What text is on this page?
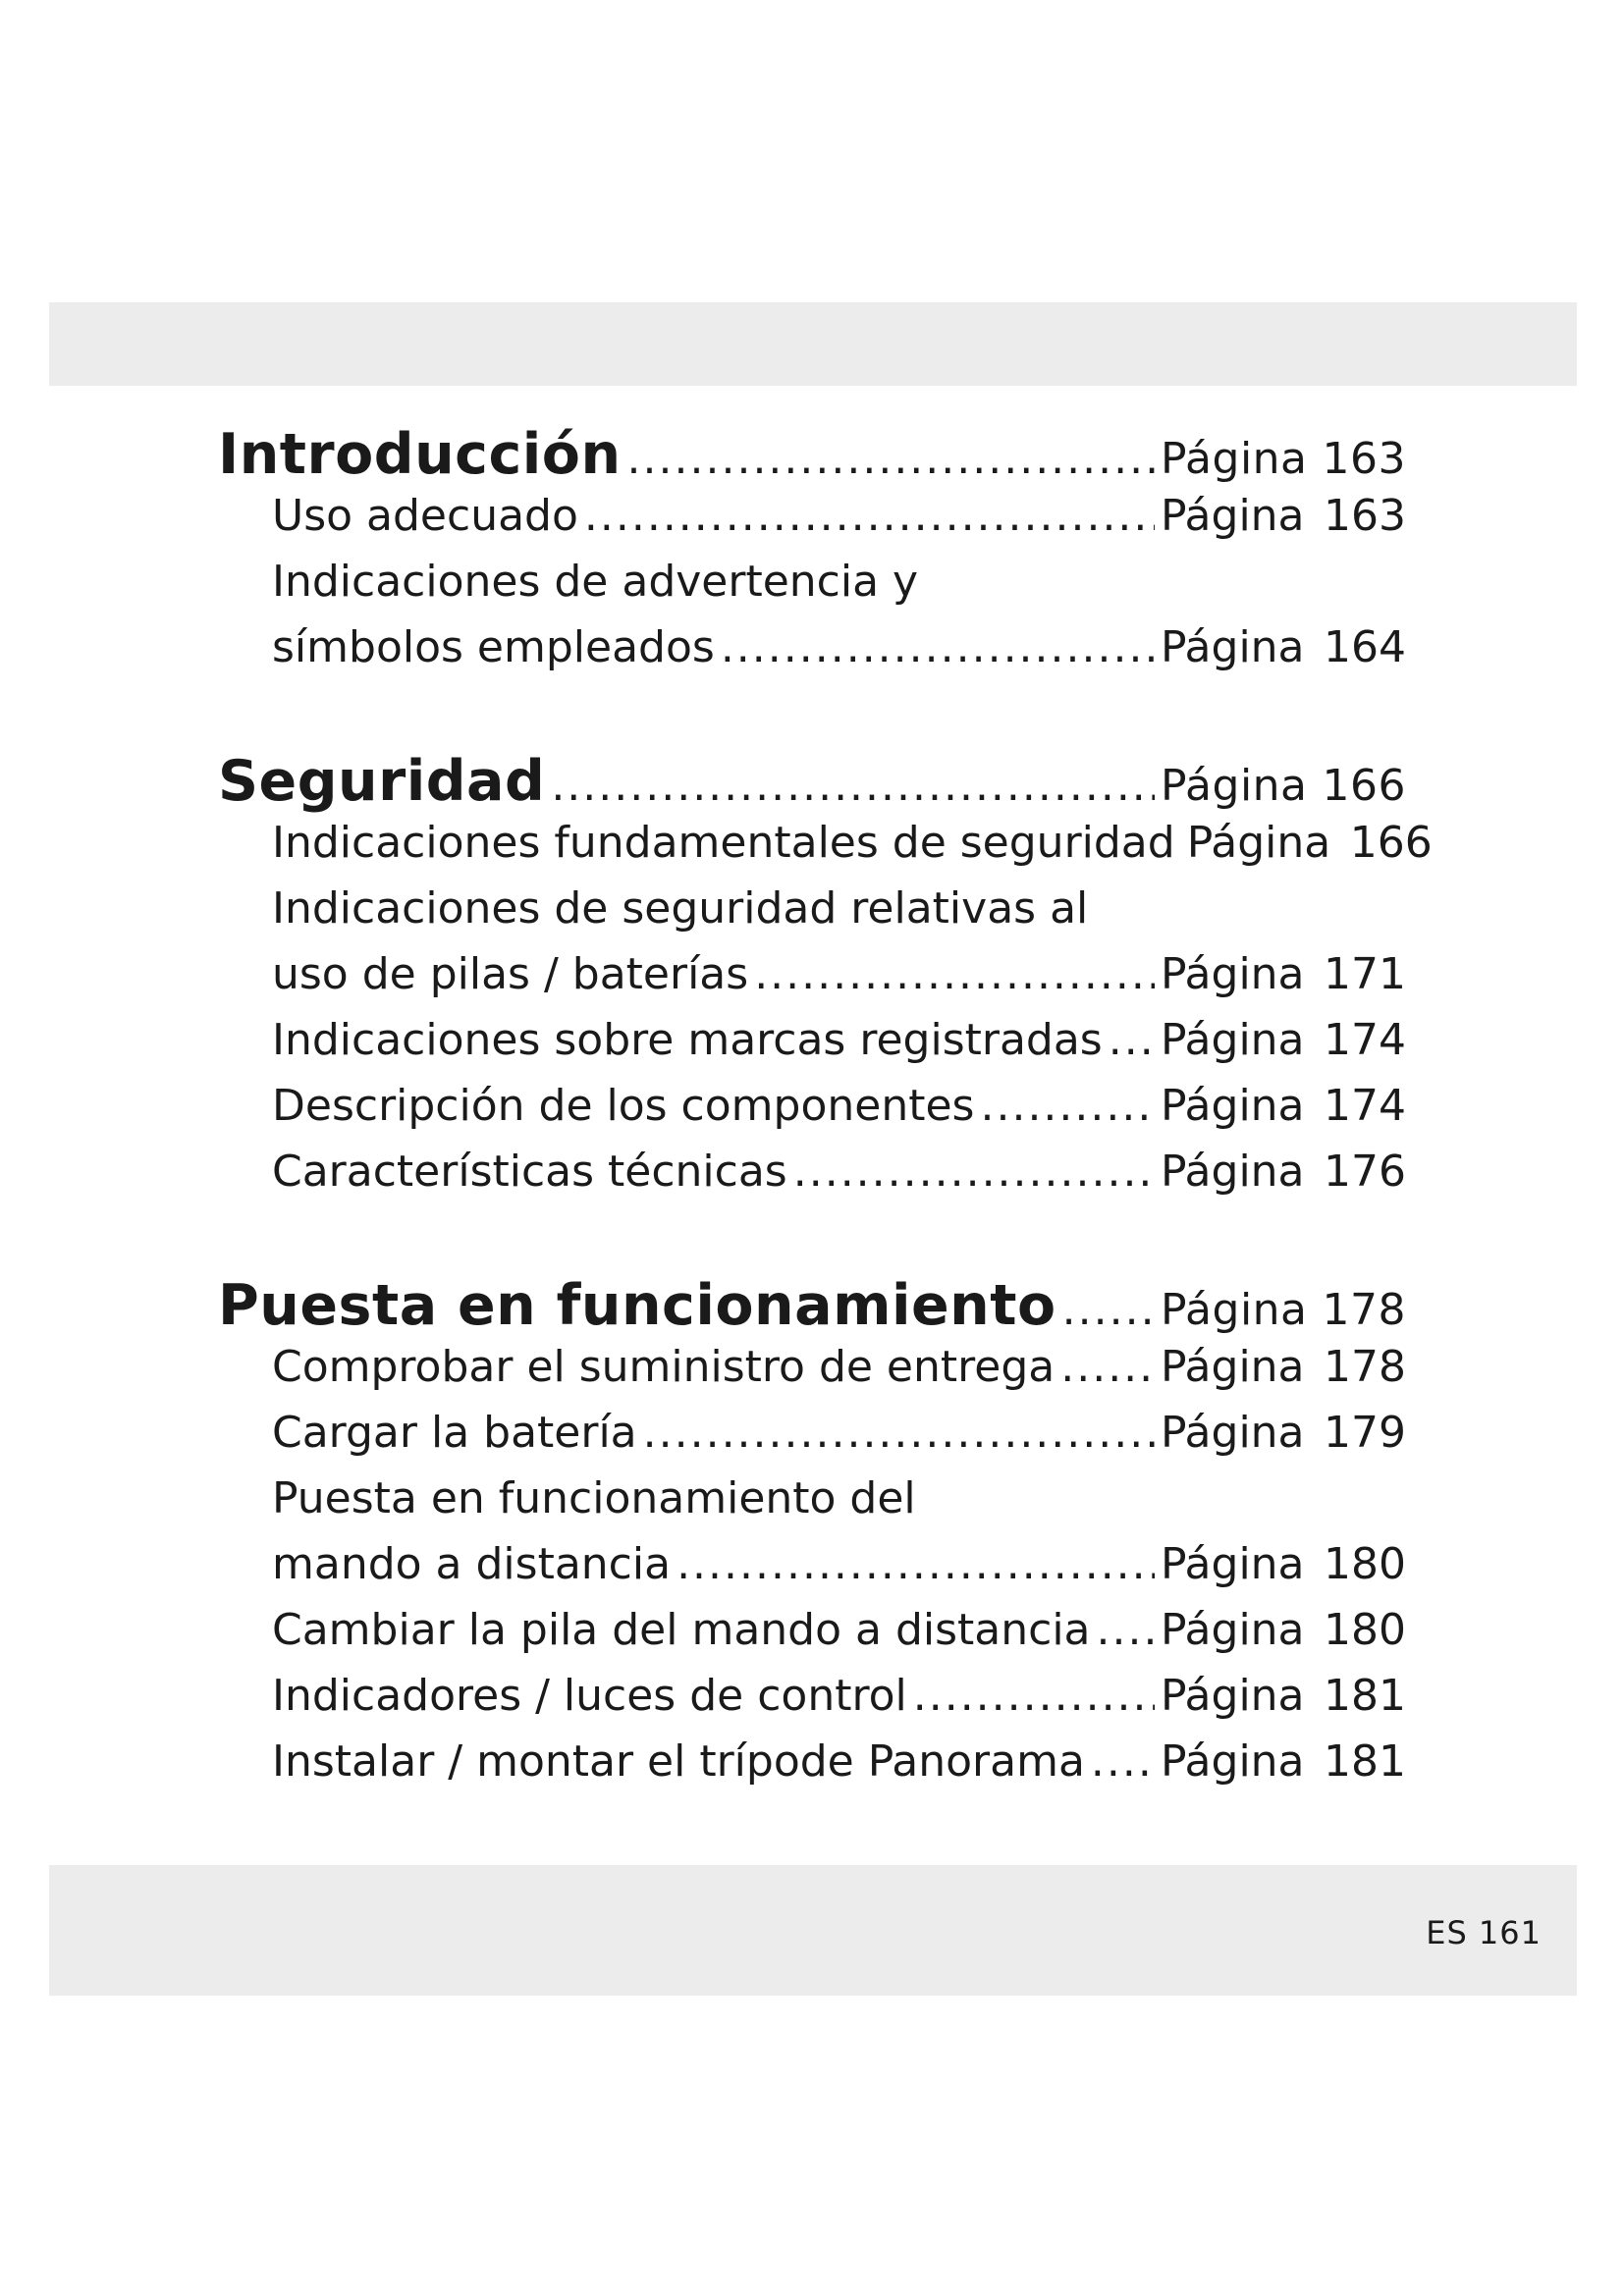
Introducción .....	Página 163
Uso adecuado .....	Página 163
Indicaciones de advertencia y
símbolos empleados .....	Página 164
Seguridad .....	Página 166
Indicaciones fundamentales de seguridad Página 166
Indicaciones de seguridad relativas al
uso de pilas / baterías .....	Página 171
Indicaciones sobre marcas registradas ..... Página 174
Descripción de los componentes .....	Página 174
Características técnicas .....	Página 176
Puesta en funcionamiento ..... Página 178
Comprobar el suministro de entrega ..... Página 178
Cargar la batería .....	Página 179
Puesta en funcionamiento del
mando a distancia .....	Página 180
Cambiar la pila del mando a distancia ..... Página 180
Indicadores / luces de control .....	Página 181
Instalar / montar el trípode Panorama ..... Página 181
ES 161
